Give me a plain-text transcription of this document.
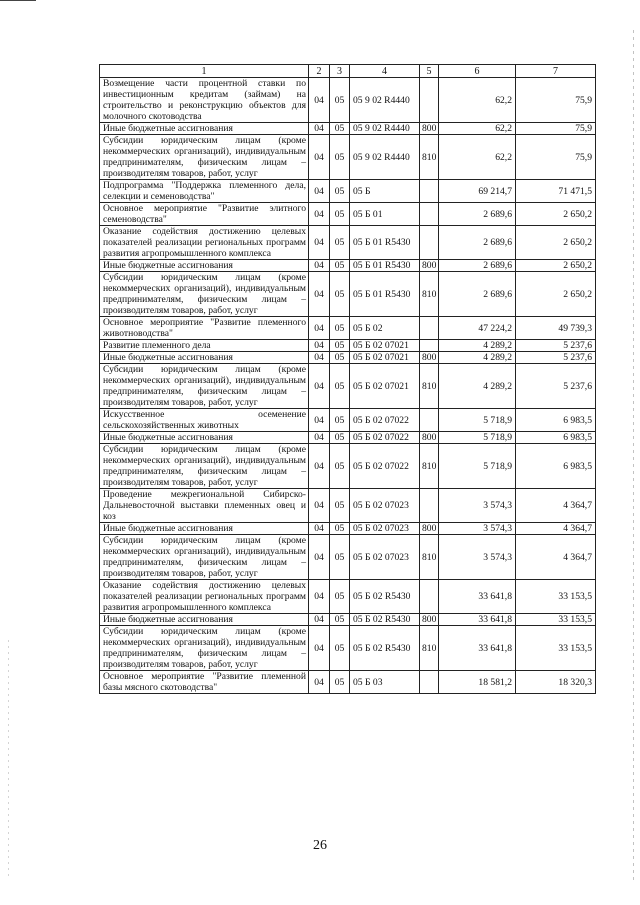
1	2	3	4	5	6	7
Возмещение части процентной ставки по инвестиционным кредитам (займам) на строительство и реконструкцию объектов для молочного скотоводства	04	05	05 9 02 R4440		62,2	75,9
Иные бюджетные ассигнования	04	05	05 9 02 R4440	800	62,2	75,9
Субсидии юридическим лицам (кроме некоммерческих организаций), индивидуальным предпринимателям, физическим лицам – производителям товаров, работ, услуг	04	05	05 9 02 R4440	810	62,2	75,9
Подпрограмма "Поддержка племенного дела, селекции и семеноводства"	04	05	05 Б		69 214,7	71 471,5
Основное мероприятие "Развитие элитного семеноводства"	04	05	05 Б 01		2 689,6	2 650,2
Оказание содействия достижению целевых показателей реализации региональных программ развития агропромышленного комплекса	04	05	05 Б 01 R5430		2 689,6	2 650,2
Иные бюджетные ассигнования	04	05	05 Б 01 R5430	800	2 689,6	2 650,2
Субсидии юридическим лицам (кроме некоммерческих организаций), индивидуальным предпринимателям, физическим лицам – производителям товаров, работ, услуг	04	05	05 Б 01 R5430	810	2 689,6	2 650,2
Основное мероприятие "Развитие племенного животноводства"	04	05	05 Б 02		47 224,2	49 739,3
Развитие племенного дела	04	05	05 Б 02 07021		4 289,2	5 237,6
Иные бюджетные ассигнования	04	05	05 Б 02 07021	800	4 289,2	5 237,6
Субсидии юридическим лицам (кроме некоммерческих организаций), индивидуальным предпринимателям, физическим лицам – производителям товаров, работ, услуг	04	05	05 Б 02 07021	810	4 289,2	5 237,6
Искусственное осеменение сельскохозяйственных животных	04	05	05 Б 02 07022		5 718,9	6 983,5
Иные бюджетные ассигнования	04	05	05 Б 02 07022	800	5 718,9	6 983,5
Субсидии юридическим лицам (кроме некоммерческих организаций), индивидуальным предпринимателям, физическим лицам – производителям товаров, работ, услуг	04	05	05 Б 02 07022	810	5 718,9	6 983,5
Проведение межрегиональной Сибирско-Дальневосточной выставки племенных овец и коз	04	05	05 Б 02 07023		3 574,3	4 364,7
Иные бюджетные ассигнования	04	05	05 Б 02 07023	800	3 574,3	4 364,7
Субсидии юридическим лицам (кроме некоммерческих организаций), индивидуальным предпринимателям, физическим лицам – производителям товаров, работ, услуг	04	05	05 Б 02 07023	810	3 574,3	4 364,7
Оказание содействия достижению целевых показателей реализации региональных программ развития агропромышленного комплекса	04	05	05 Б 02 R5430		33 641,8	33 153,5
Иные бюджетные ассигнования	04	05	05 Б 02 R5430	800	33 641,8	33 153,5
Субсидии юридическим лицам (кроме некоммерческих организаций), индивидуальным предпринимателям, физическим лицам – производителям товаров, работ, услуг	04	05	05 Б 02 R5430	810	33 641,8	33 153,5
Основное мероприятие "Развитие племенной базы мясного скотоводства"	04	05	05 Б 03		18 581,2	18 320,3
26
